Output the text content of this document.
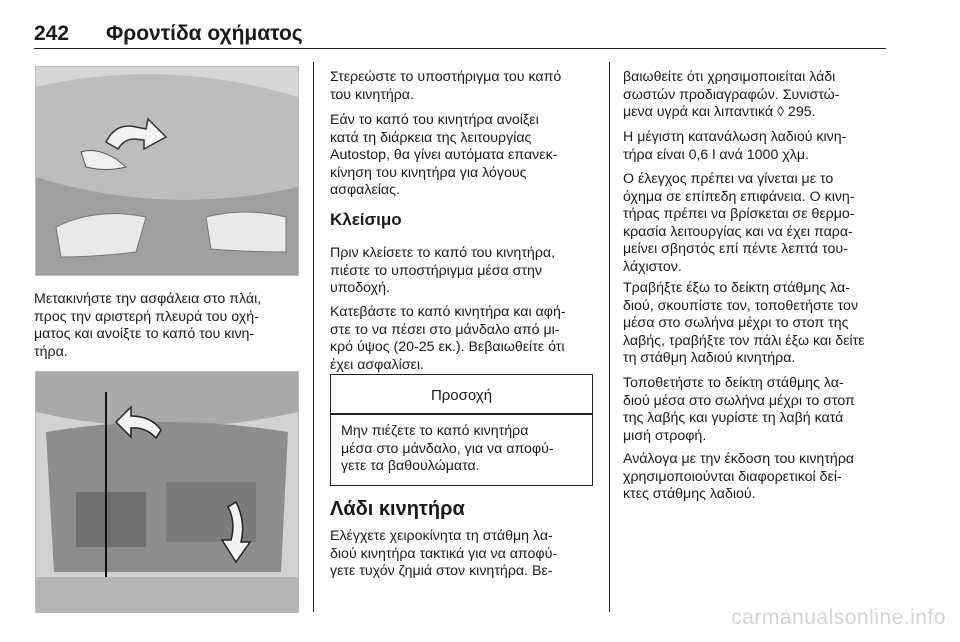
242 Φροντίδα οχήματος

Μετακινήστε την ασφάλεια στο πλάι,
προς την αριστερή πλευρά του οχή-
ματος και ανοίξτε το καπό του κινη-
τήρα.

Στερεώστε το υποστήριγμα του καπό
του κινητήρα.

Εάν το καπό του κινητήρα ανοίξει
κατά τη διάρκεια της λειτουργίας
Autostop, θα γίνει αυτόματα επανεκ-
κίνηση του κινητήρα για λόγους
ασφαλείας.

Κλείσιμο

Πριν κλείσετε το καπό του κινητήρα,
πιέστε το υποστήριγμα μέσα στην
υποδοχή.

Κατεβάστε το καπό κινητήρα και αφή-
στε το να πέσει στο μάνδαλο από μι-
κρό ύψος (20-25 εκ.). Βεβαιωθείτε ότι
έχει ασφαλίσει.

Προσοχή

Μην πιέζετε το καπό κινητήρα
μέσα στο μάνδαλο, για να αποφύ-
γετε τα βαθουλώματα.

Λάδι κινητήρα

Ελέγχετε χειροκίνητα τη στάθμη λα-
διού κινητήρα τακτικά για να αποφύ-
γετε τυχόν ζημιά στον κινητήρα. Βε-

βαιωθείτε ότι χρησιμοποιείται λάδι
σωστών προδιαγραφών. Συνιστώ-
μενα υγρά και λιπαντικά ◊ 295.

Η μέγιστη κατανάλωση λαδιού κινη-
τήρα είναι 0,6 l ανά 1000 χλμ.

Ο έλεγχος πρέπει να γίνεται με το
όχημα σε επίπεδη επιφάνεια. Ο κινη-
τήρας πρέπει να βρίσκεται σε θερμο-
κρασία λειτουργίας και να έχει παρα-
μείνει σβηστός επί πέντε λεπτά του-
λάχιστον.

Τραβήξτε έξω το δείκτη στάθμης λα-
διού, σκουπίστε τον, τοποθετήστε τον
μέσα στο σωλήνα μέχρι το στοπ της
λαβής, τραβήξτε τον πάλι έξω και δείτε
τη στάθμη λαδιού κινητήρα.

Τοποθετήστε το δείκτη στάθμης λα-
διού μέσα στο σωλήνα μέχρι το στοπ
της λαβής και γυρίστε τη λαβή κατά
μισή στροφή.

Ανάλογα με την έκδοση του κινητήρα
χρησιμοποιούνται διαφορετικοί δεί-
κτες στάθμης λαδιού.

carmanualsonline.info
